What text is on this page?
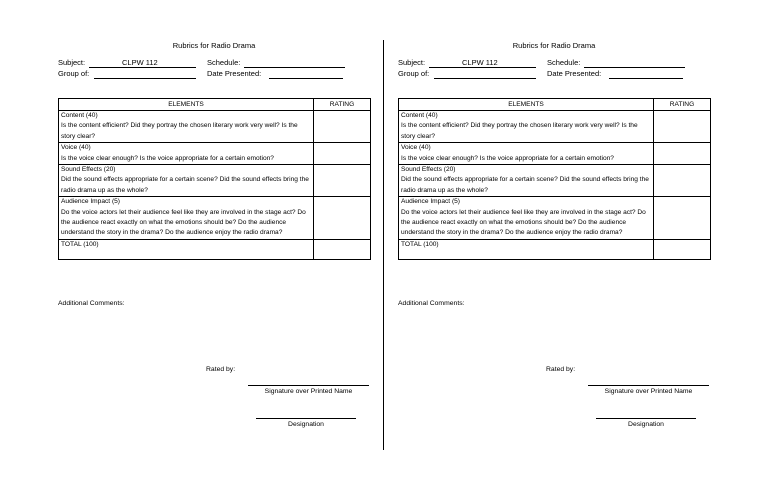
Rubrics for Radio Drama
Subject:	CLPW 112	Schedule:
Group of:	Date Presented:
ELEMENTS	RATING

Content (40)
Is the content efficient? Did they portray the chosen literary work very well? Is the story clear?	

Voice (40)
Is the voice clear enough? Is the voice appropriate for a certain emotion?	

Sound Effects (20)
Did the sound effects appropriate for a certain scene? Did the sound effects bring the radio drama up as the whole?	

Audience Impact (5)
Do the voice actors let their audience feel like they are involved in the stage act? Do the audience react exactly on what the emotions should be? Do the audience understand the story in the drama? Do the audience enjoy the radio drama?	

TOTAL (100)	

Additional Comments:
Rated by:
Signature over Printed Name
Designation
Rubrics for Radio Drama
Subject:	CLPW 112	Schedule:
Group of:	Date Presented:
ELEMENTS	RATING

Content (40)
Is the content efficient? Did they portray the chosen literary work very well? Is the story clear?	

Voice (40)
Is the voice clear enough? Is the voice appropriate for a certain emotion?	

Sound Effects (20)
Did the sound effects appropriate for a certain scene? Did the sound effects bring the radio drama up as the whole?	

Audience Impact (5)
Do the voice actors let their audience feel like they are involved in the stage act? Do the audience react exactly on what the emotions should be? Do the audience understand the story in the drama? Do the audience enjoy the radio drama?	

TOTAL (100)	

Additional Comments:
Rated by:
Signature over Printed Name
Designation
